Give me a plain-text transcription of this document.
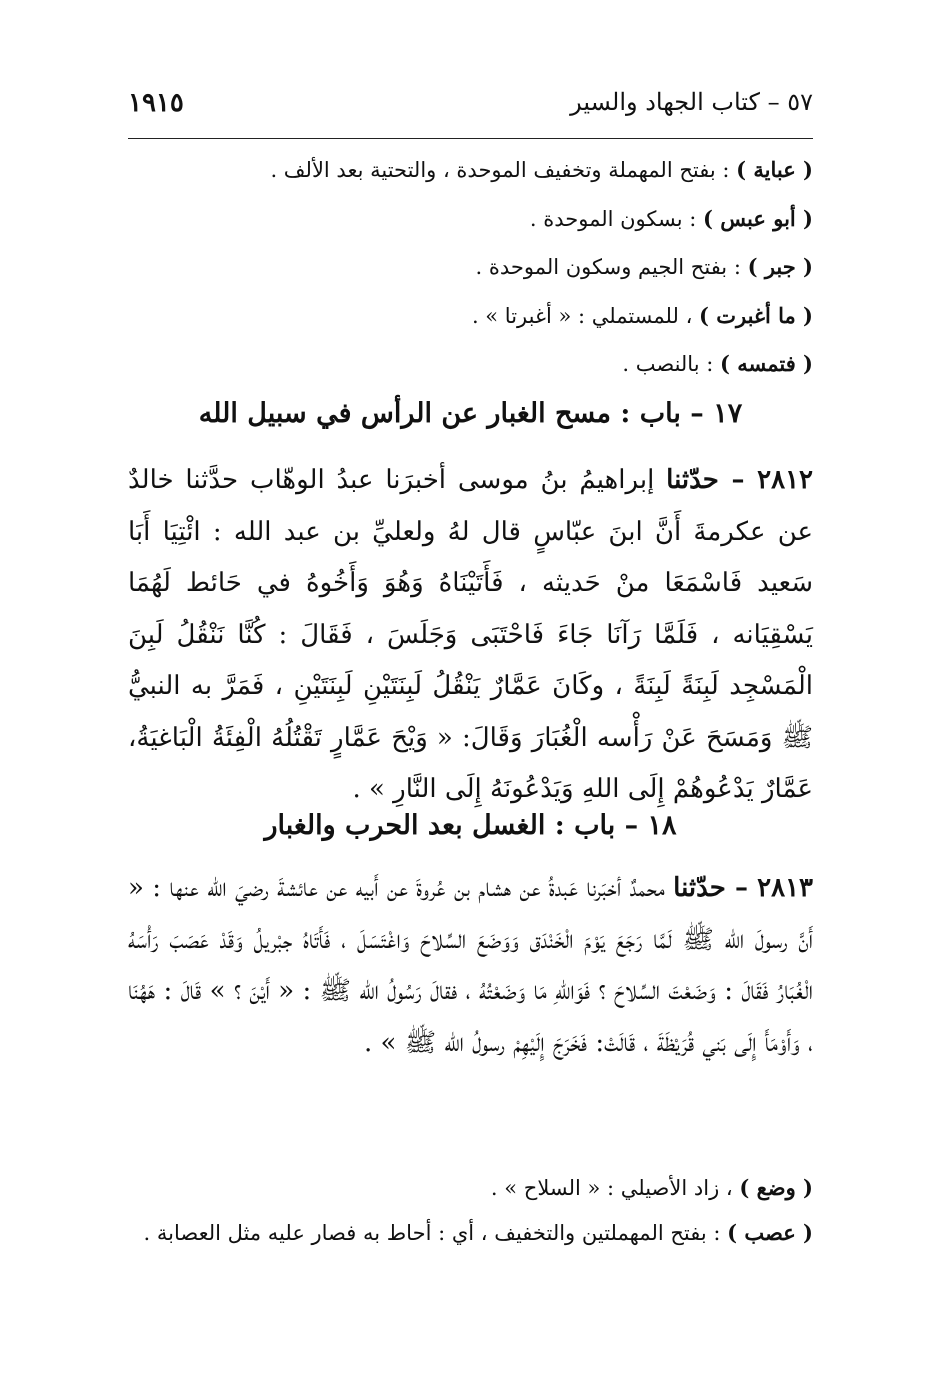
٥٧ – كتاب الجهاد والسير
١٩١٥
( عباية ) : بفتح المهملة وتخفيف الموحدة ، والتحتية بعد الألف .
( أبو عبس ) : بسكون الموحدة .
( جبر ) : بفتح الجيم وسكون الموحدة .
( ما أغبرت ) ، للمستملي : « أغبرتا » .
( فتمسه ) : بالنصب .
١٧ – باب : مسح الغبار عن الرأس في سبيل الله
٢٨١٢ – حدّثنا إبراهيمُ بنُ موسى أخبرَنا عبدُ الوهّاب حدَّثنا خالدٌ عن عكرمةَ أَنَّ ابنَ عبّاسٍ قال لهُ ولعليِّ بن عبد الله : ائْتِيَا أَبَا سَعيد فَاسْمَعَا منْ حَديثه ، فَأَتَيْنَاهُ وَهُوَ وَأَخُوهُ في حَائط لَهُمَا يَسْقِيَانه ، فَلَمَّا رَآنَا جَاءَ فَاحْتَبَى وَجَلَسَ ، فَقَالَ : كُنَّا نَنْقُلُ لَبِنَ الْمَسْجِد لَبِنَةً لَبِنَةً ، وكَانَ عَمَّارٌ يَنْقُلُ لَبِنَتَيْنِ لَبِنَتَيْنِ ، فَمَرَّ به النبيُّ ﷺ وَمَسَحَ عَنْ رَأْسه الْغُبَارَ وَقَالَ: « وَيْحَ عَمَّارٍ تَقْتُلُهُ الْفِئَةُ الْبَاغيَةُ، عَمَّارٌ يَدْعُوهُمْ إِلَى اللهِ وَيَدْعُونَهُ إِلَى النَّارِ » .
١٨ – باب : الغسل بعد الحرب والغبار
٢٨١٣ – حدّثنا محمدٌ أخبَرنا عَبدةُ عن هشام بن عُروةَ عن أَبيه عن عائشةَ رضيَ الله عنها : « أَنَّ رسولَ الله ﷺ لَمَّا رَجَعَ يَوْمَ الْخَنْدَق وَوَضَعَ السِّلاحَ وَاغْتَسَلَ ، فَأَتَاهُ جبْريلُ وَقَدْ عَصَبَ رَأْسَهُ الْغُبَارُ فَقَالَ : وَضَعْتَ السِّلاحَ ؟ فَوَاللهِ مَا وَضَعْتُهُ ، فقالَ رَسُولُ الله ﷺ : « أَيْنَ ؟ » قَالَ : هَهُنَا ، وَأَوْمَأَ إِلَى بَني قُرَيْظَةَ ، قَالَتْ: فَخَرَجَ إِلَيْهِمْ رسولُ الله ﷺ » .
( وضع ) ، زاد الأصيلي : « السلاح » .
( عصب ) : بفتح المهملتين والتخفيف ، أي : أحاط به فصار عليه مثل العصابة .
